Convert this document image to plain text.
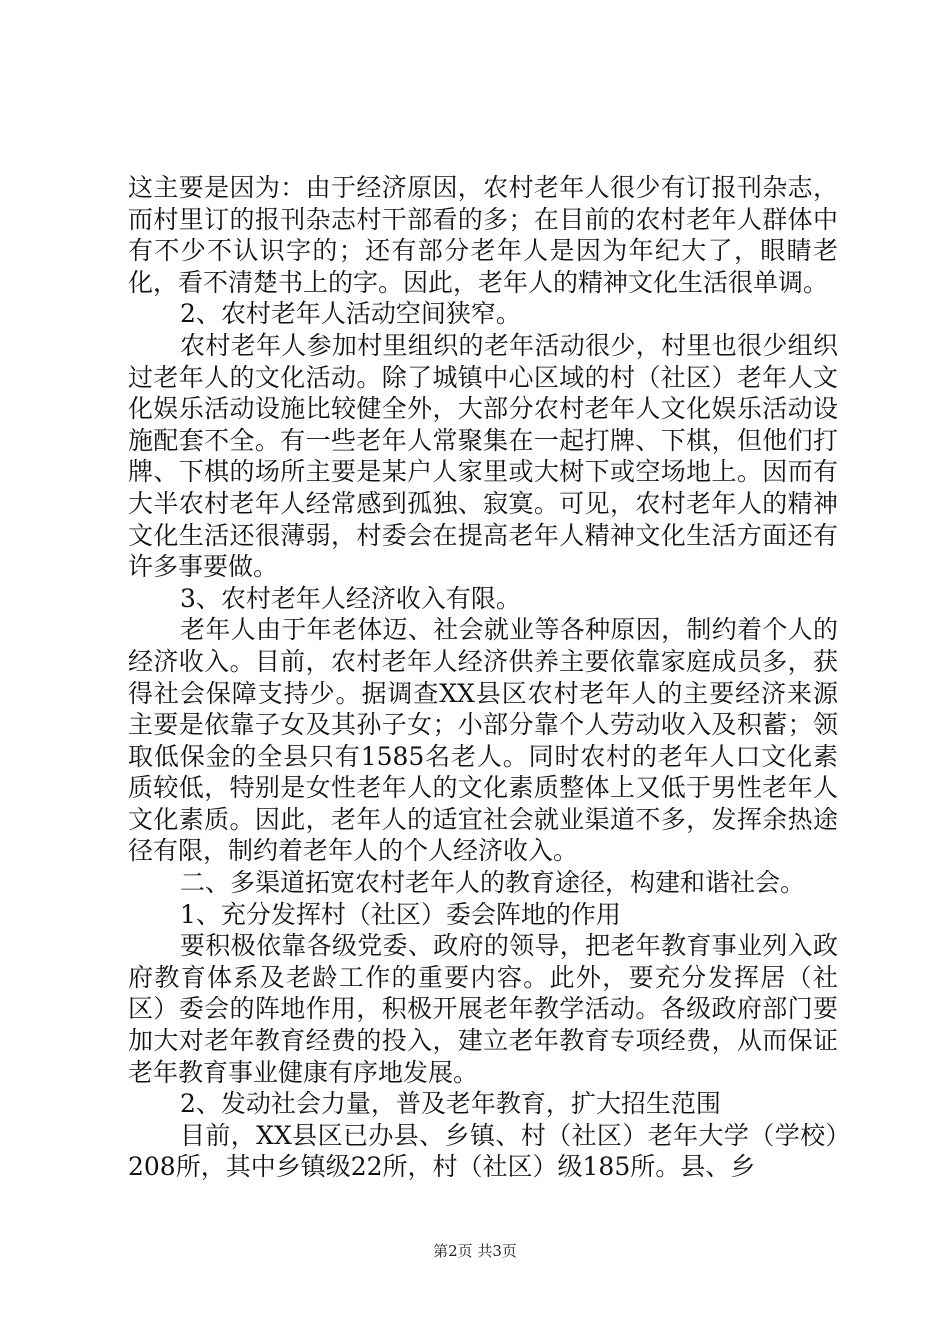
这主要是因为：由于经济原因，农村老年人很少有订报刊杂志，而村里订的报刊杂志村干部看的多；在目前的农村老年人群体中有不少不认识字的；还有部分老年人是因为年纪大了，眼睛老化，看不清楚书上的字。因此，老年人的精神文化生活很单调。

2、农村老年人活动空间狭窄。

农村老年人参加村里组织的老年活动很少，村里也很少组织过老年人的文化活动。除了城镇中心区域的村（社区）老年人文化娱乐活动设施比较健全外，大部分农村老年人文化娱乐活动设施配套不全。有一些老年人常聚集在一起打牌、下棋，但他们打牌、下棋的场所主要是某户人家里或大树下或空场地上。因而有大半农村老年人经常感到孤独、寂寞。可见，农村老年人的精神文化生活还很薄弱，村委会在提高老年人精神文化生活方面还有许多事要做。

3、农村老年人经济收入有限。

老年人由于年老体迈、社会就业等各种原因，制约着个人的经济收入。目前，农村老年人经济供养主要依靠家庭成员多，获得社会保障支持少。据调查XX县区农村老年人的主要经济来源主要是依靠子女及其孙子女；小部分靠个人劳动收入及积蓄；领取低保金的全县只有1585名老人。同时农村的老年人口文化素质较低，特别是女性老年人的文化素质整体上又低于男性老年人文化素质。因此，老年人的适宜社会就业渠道不多，发挥余热途径有限，制约着老年人的个人经济收入。

二、多渠道拓宽农村老年人的教育途径，构建和谐社会。

1、充分发挥村（社区）委会阵地的作用

要积极依靠各级党委、政府的领导，把老年教育事业列入政府教育体系及老龄工作的重要内容。此外，要充分发挥居（社区）委会的阵地作用，积极开展老年教学活动。各级政府部门要加大对老年教育经费的投入，建立老年教育专项经费，从而保证老年教育事业健康有序地发展。

2、发动社会力量，普及老年教育，扩大招生范围

目前，XX县区已办县、乡镇、村（社区）老年大学（学校）208所，其中乡镇级22所，村（社区）级185所。县、乡

第2页 共3页
